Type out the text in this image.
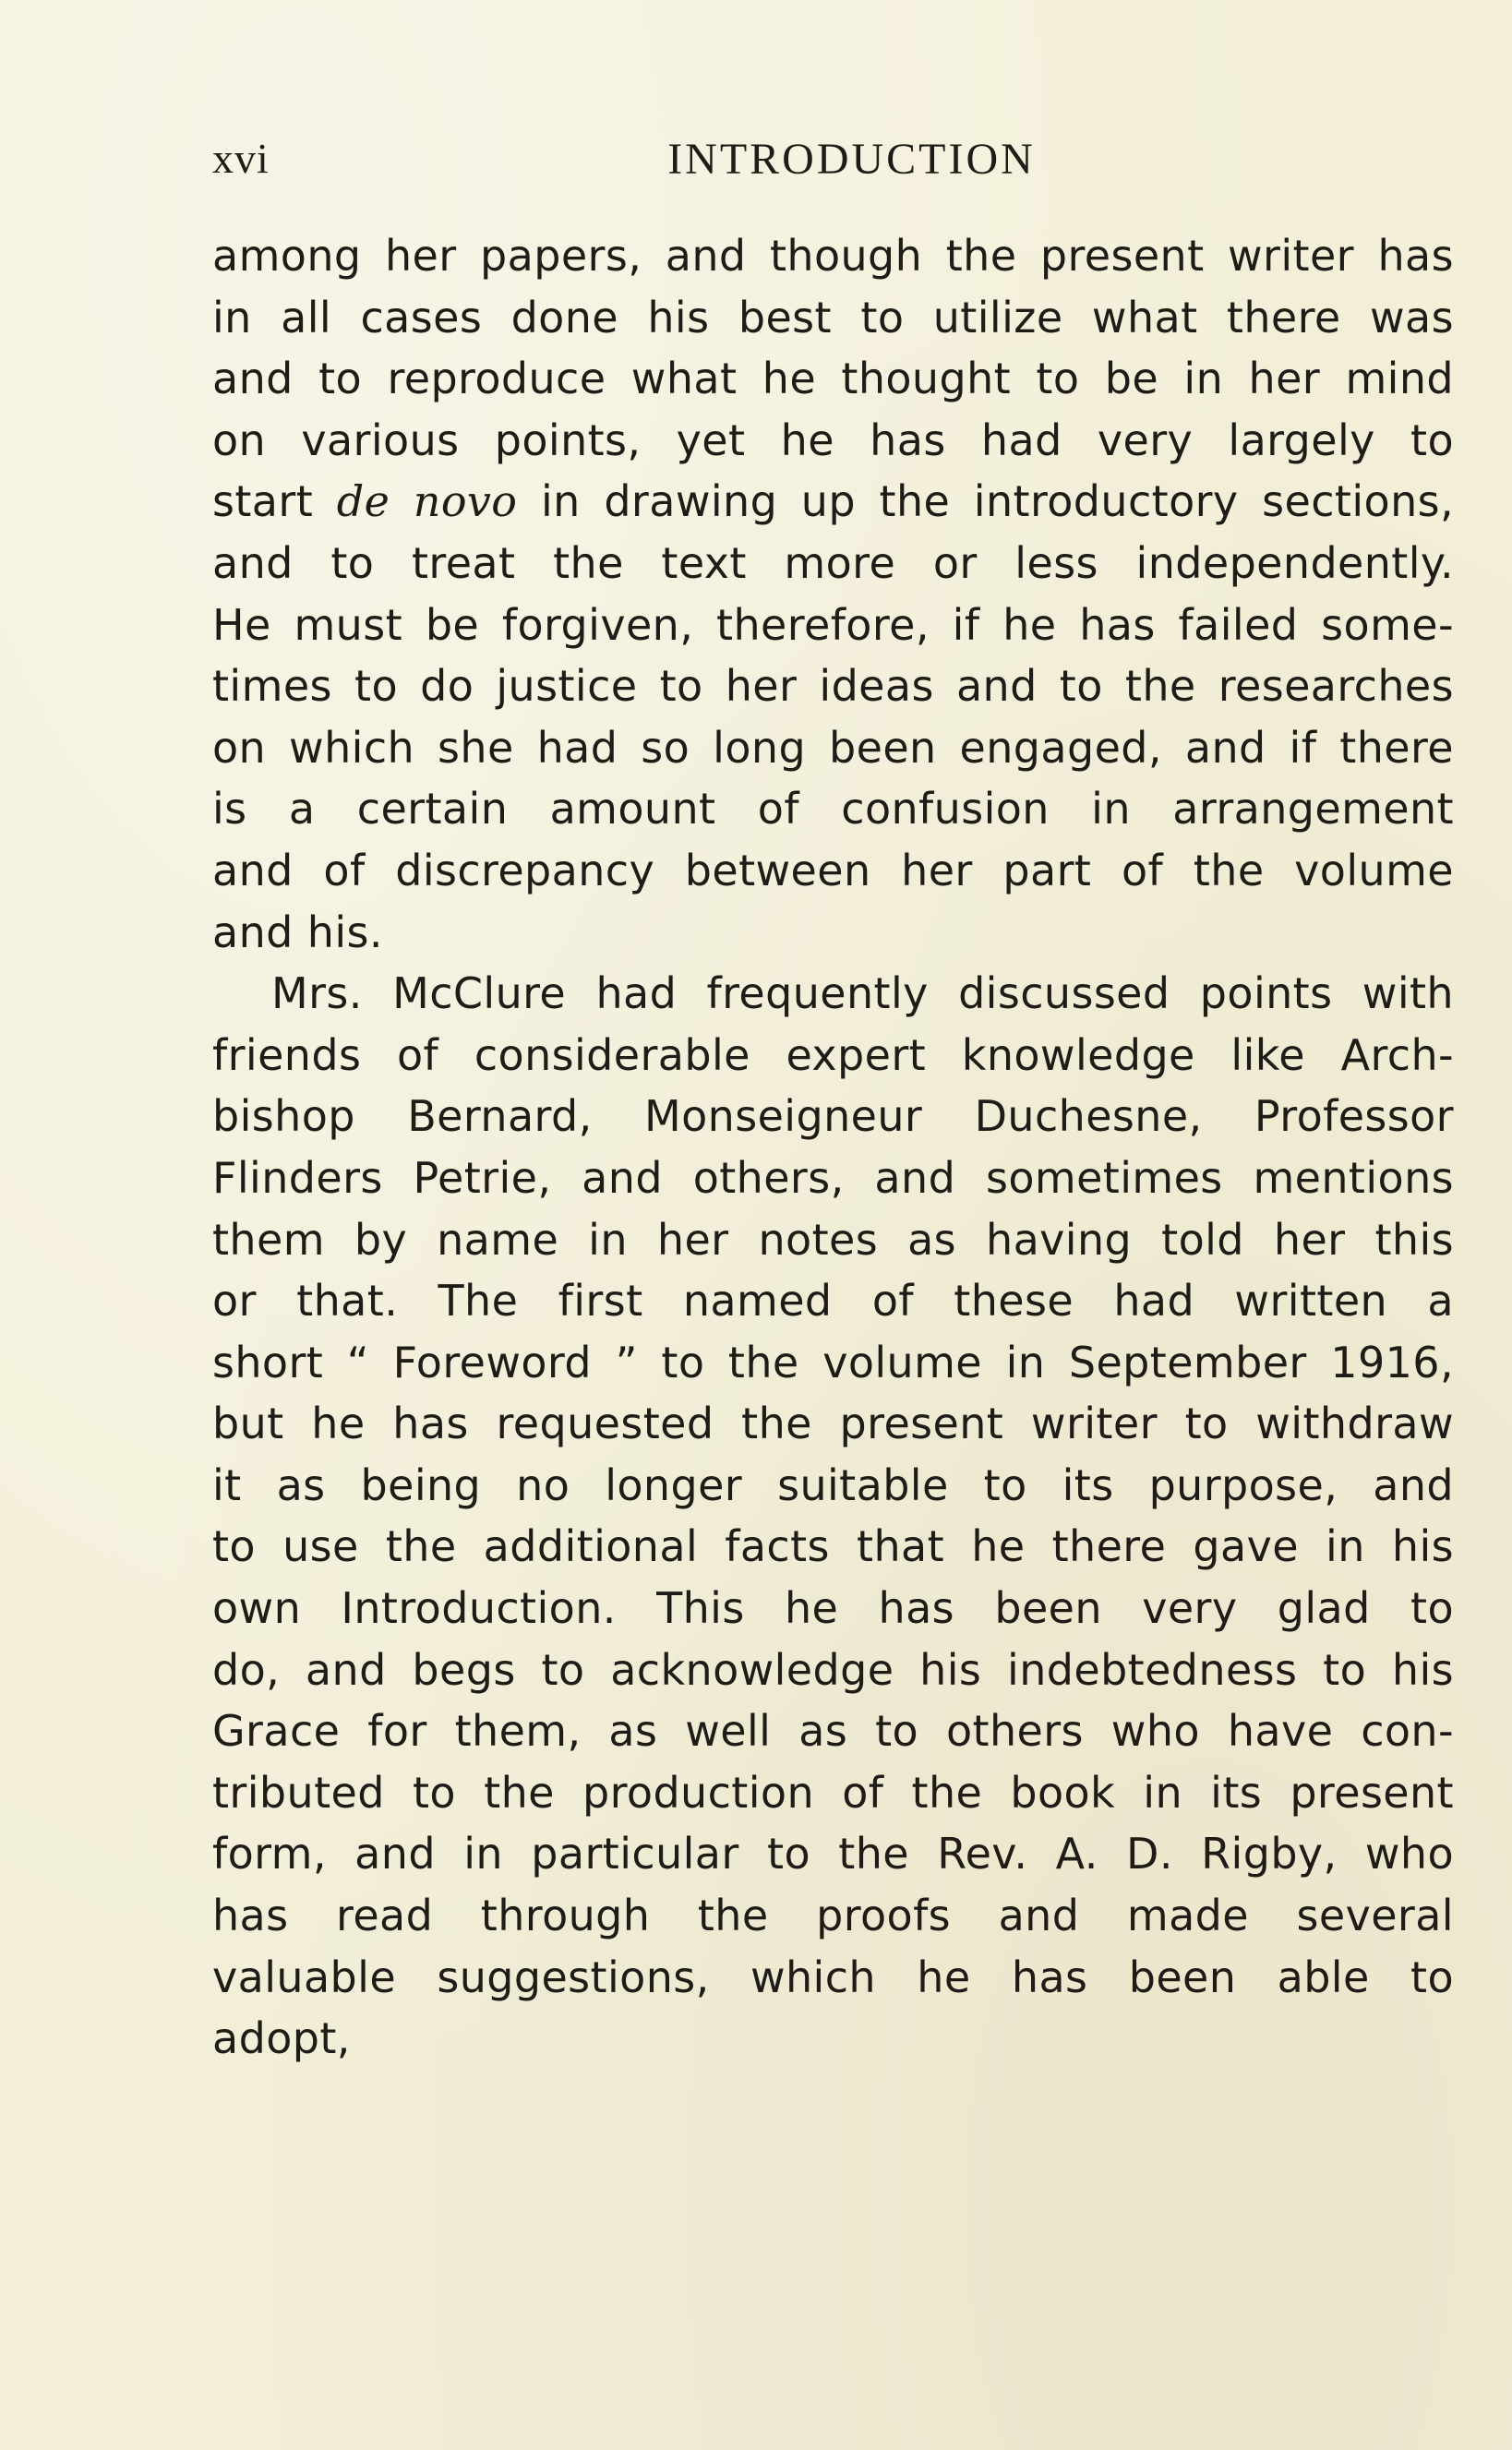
xvi	INTRODUCTION
among her papers, and though the present writer has
in all cases done his best to utilize what there was
and to reproduce what he thought to be in her mind
on various points, yet he has had very largely to
start de novo in drawing up the introductory sections,
and to treat the text more or less independently.
He must be forgiven, therefore, if he has failed some-
times to do justice to her ideas and to the researches
on which she had so long been engaged, and if there
is a certain amount of confusion in arrangement
and of discrepancy between her part of the volume
and his.
Mrs. McClure had frequently discussed points with
friends of considerable expert knowledge like Arch-
bishop Bernard, Monseigneur Duchesne, Professor
Flinders Petrie, and others, and sometimes mentions
them by name in her notes as having told her this
or that. The first named of these had written a
short “ Foreword ” to the volume in September 1916,
but he has requested the present writer to withdraw
it as being no longer suitable to its purpose, and
to use the additional facts that he there gave in his
own Introduction. This he has been very glad to
do, and begs to acknowledge his indebtedness to his
Grace for them, as well as to others who have con-
tributed to the production of the book in its present
form, and in particular to the Rev. A. D. Rigby, who
has read through the proofs and made several
valuable suggestions, which he has been able to
adopt,
